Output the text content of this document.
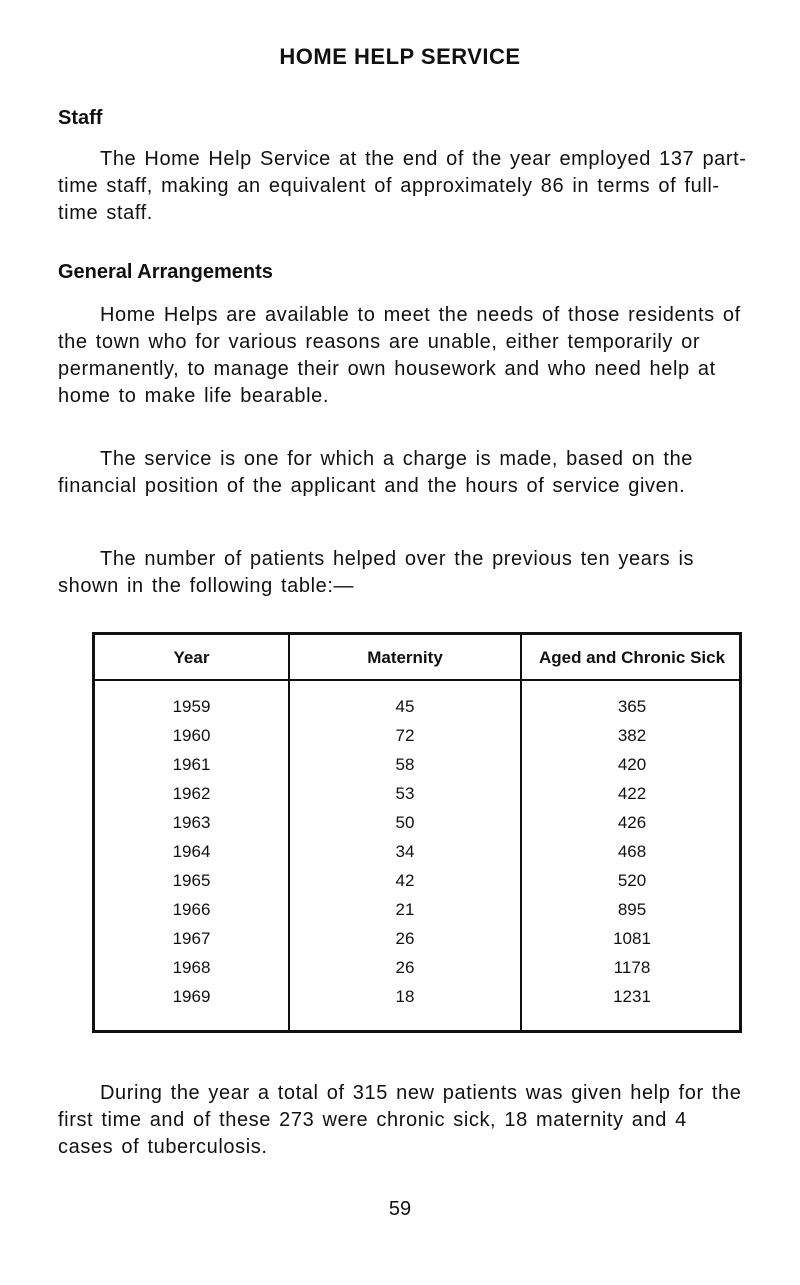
HOME HELP SERVICE
Staff
The Home Help Service at the end of the year employed 137 part-time staff, making an equivalent of approximately 86 in terms of full-time staff.
General Arrangements
Home Helps are available to meet the needs of those residents of the town who for various reasons are unable, either temporarily or permanently, to manage their own housework and who need help at home to make life bearable.
The service is one for which a charge is made, based on the financial position of the applicant and the hours of service given.
The number of patients helped over the previous ten years is shown in the following table:—
Year	Maternity	Aged and Chronic Sick
1959	45	365
1960	72	382
1961	58	420
1962	53	422
1963	50	426
1964	34	468
1965	42	520
1966	21	895
1967	26	1081
1968	26	1178
1969	18	1231
During the year a total of 315 new patients was given help for the first time and of these 273 were chronic sick, 18 maternity and 4 cases of tuberculosis.
59
